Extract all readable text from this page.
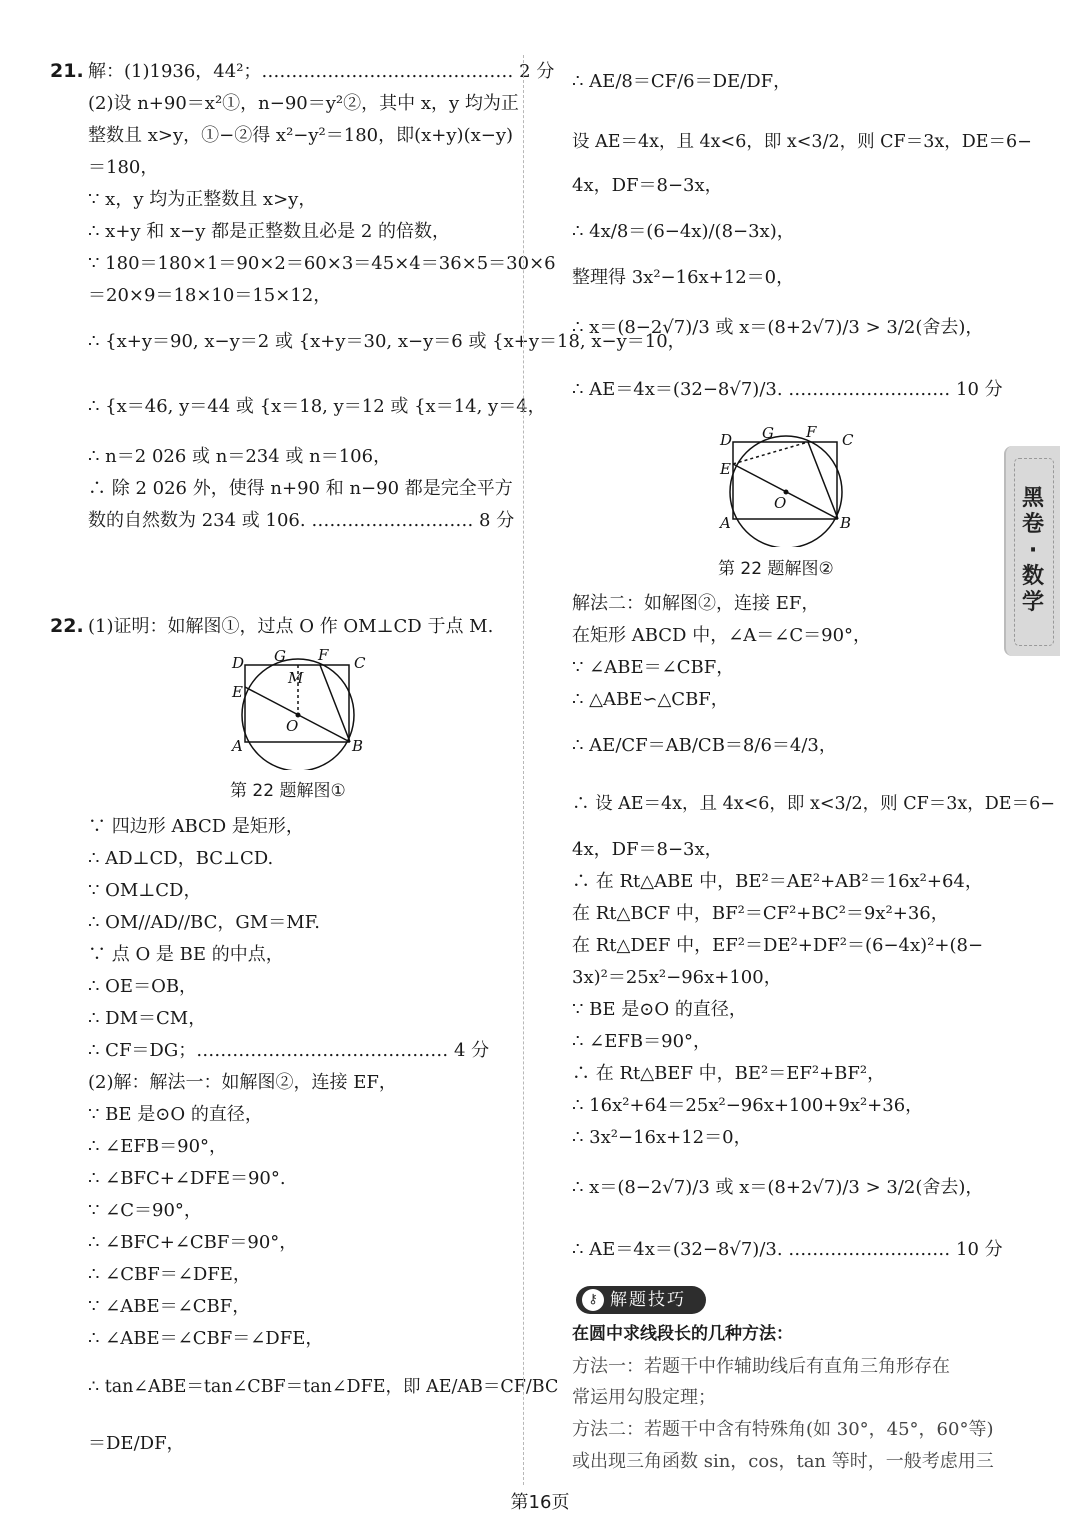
21. 解：(1)1936，44²；…………………………………… 2 分
(2)设 n+90＝x²①，n−90＝y²②，其中 x，y 均为正
整数且 x>y，①−②得 x²−y²＝180，即(x+y)(x−y)
＝180，
∵ x，y 均为正整数且 x>y，
∴ x+y 和 x−y 都是正整数且必是 2 的倍数，
∵ 180＝180×1＝90×2＝60×3＝45×4＝36×5＝30×6
＝20×9＝18×10＝15×12，
∴ {x+y＝90, x−y＝2 或 {x+y＝30, x−y＝6 或 {x+y＝18, x−y＝10，
∴ {x＝46, y＝44 或 {x＝18, y＝12 或 {x＝14, y＝4，
∴ n＝2 026 或 n＝234 或 n＝106，
∴ 除 2 026 外，使得 n+90 和 n−90 都是完全平方
数的自然数为 234 或 106. ……………………… 8 分
22. (1)证明：如解图①，过点 O 作 OM⊥CD 于点 M.
D G F C
M
E
O
A	B
第 22 题解图①
∵ 四边形 ABCD 是矩形，
∴ AD⊥CD，BC⊥CD.
∵ OM⊥CD，
∴ OM//AD//BC，GM＝MF.
∵ 点 O 是 BE 的中点，
∴ OE＝OB，
∴ DM＝CM，
∴ CF＝DG；…………………………………… 4 分
(2)解：解法一：如解图②，连接 EF，
∵ BE 是⊙O 的直径，
∴ ∠EFB＝90°，
∴ ∠BFC+∠DFE＝90°.
∵ ∠C＝90°，
∴ ∠BFC+∠CBF＝90°，
∴ ∠CBF＝∠DFE，
∵ ∠ABE＝∠CBF，
∴ ∠ABE＝∠CBF＝∠DFE，
∴ tan∠ABE＝tan∠CBF＝tan∠DFE，即 AE/AB＝CF/BC
＝DE/DF，
∴ AE/8＝CF/6＝DE/DF，
设 AE＝4x，且 4x<6，即 x<3/2，则 CF＝3x，DE＝6−
4x，DF＝8−3x，
∴ 4x/8＝(6−4x)/(8−3x)，
整理得 3x²−16x+12＝0，
∴ x＝(8−2√7)/3 或 x＝(8+2√7)/3 > 3/2(舍去)，
∴ AE＝4x＝(32−8√7)/3. ……………………… 10 分
D G F C
E
O
A	B
第 22 题解图②
解法二：如解图②，连接 EF，
在矩形 ABCD 中，∠A＝∠C＝90°，
∵ ∠ABE＝∠CBF，
∴ △ABE∽△CBF，
∴ AE/CF＝AB/CB＝8/6＝4/3，
∴ 设 AE＝4x，且 4x<6，即 x<3/2，则 CF＝3x，DE＝6−
4x，DF＝8−3x，
∴ 在 Rt△ABE 中，BE²＝AE²+AB²＝16x²+64，
在 Rt△BCF 中，BF²＝CF²+BC²＝9x²+36，
在 Rt△DEF 中，EF²＝DE²+DF²＝(6−4x)²+(8−
3x)²＝25x²−96x+100，
∵ BE 是⊙O 的直径，
∴ ∠EFB＝90°，
∴ 在 Rt△BEF 中，BE²＝EF²+BF²，
∴ 16x²+64＝25x²−96x+100+9x²+36，
∴ 3x²−16x+12＝0，
∴ x＝(8−2√7)/3 或 x＝(8+2√7)/3 > 3/2(舍去)，
∴ AE＝4x＝(32−8√7)/3. ……………………… 10 分
在圆中求线段长的几种方法：
方法一：若题干中作辅助线后有直角三角形存在
常运用勾股定理；
方法二：若题干中含有特殊角(如 30°，45°，60°等)
或出现三角函数 sin，cos，tan 等时，一般考虑用三
⚷ 解题技巧
黑卷·数学
第16页
